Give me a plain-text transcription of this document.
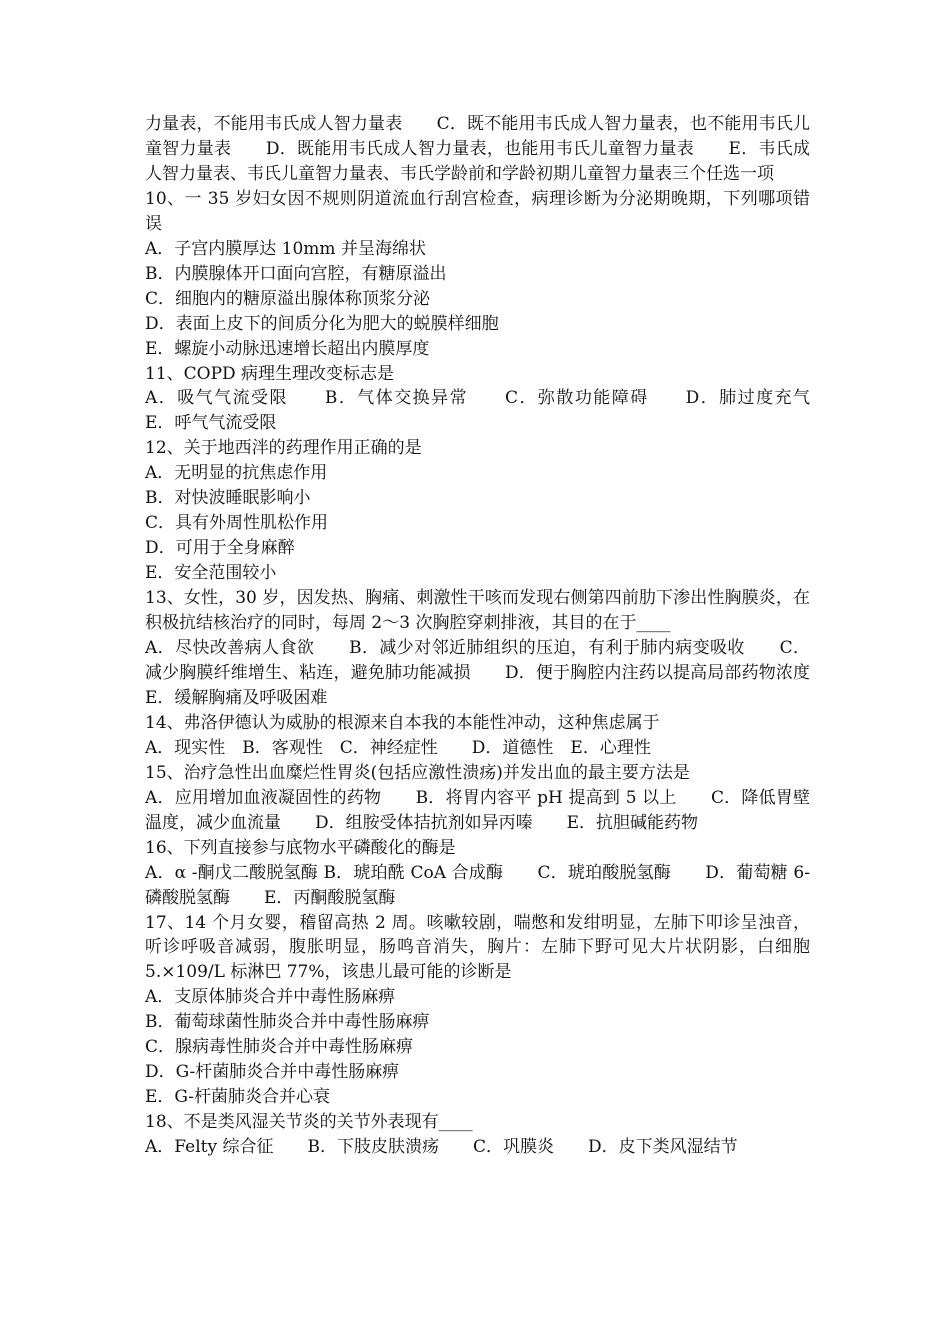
力量表，不能用韦氏成人智力量表　　C．既不能用韦氏成人智力量表，也不能用韦氏儿童智力量表　　D．既能用韦氏成人智力量表，也能用韦氏儿童智力量表　　E．韦氏成人智力量表、韦氏儿童智力量表、韦氏学龄前和学龄初期儿童智力量表三个任选一项

10、一 35 岁妇女因不规则阴道流血行刮宫检查，病理诊断为分泌期晚期，下列哪项错误

A．子宫内膜厚达 10mm 并呈海绵状

B．内膜腺体开口面向宫腔，有糖原溢出

C．细胞内的糖原溢出腺体称顶浆分泌

D．表面上皮下的间质分化为肥大的蜕膜样细胞

E．螺旋小动脉迅速增长超出内膜厚度

11、COPD 病理生理改变标志是

A．吸气气流受限　　B．气体交换异常　　C．弥散功能障碍　　D．肺过度充气　　E．呼气气流受限

12、关于地西泮的药理作用正确的是

A．无明显的抗焦虑作用

B．对快波睡眠影响小

C．具有外周性肌松作用

D．可用于全身麻醉

E．安全范围较小

13、女性，30 岁，因发热、胸痛、刺激性干咳而发现右侧第四前肋下渗出性胸膜炎，在积极抗结核治疗的同时，每周 2～3 次胸腔穿刺排液，其目的在于____

A．尽快改善病人食欲　　B．减少对邻近肺组织的压迫，有利于肺内病变吸收　　C．减少胸膜纤维增生、粘连，避免肺功能减损　　D．便于胸腔内注药以提高局部药物浓度　　E．缓解胸痛及呼吸困难

14、弗洛伊德认为威胁的根源来自本我的本能性冲动，这种焦虑属于

A．现实性　B．客观性　C．神经症性　　D．道德性　E．心理性

15、治疗急性出血糜烂性胃炎(包括应激性溃疡)并发出血的最主要方法是

A．应用增加血液凝固性的药物　　B．将胃内容平 pH 提高到 5 以上　　C．降低胃壁温度，减少血流量　　D．组胺受体拮抗剂如异丙嗪　　E．抗胆碱能药物

16、下列直接参与底物水平磷酸化的酶是

A．α -酮戊二酸脱氢酶 B．琥珀酰 CoA 合成酶　　C．琥珀酸脱氢酶　　D．葡萄糖 6-磷酸脱氢酶　　E．丙酮酸脱氢酶

17、14 个月女婴，稽留高热 2 周。咳嗽较剧，喘憋和发绀明显，左肺下叩诊呈浊音，听诊呼吸音减弱，腹胀明显，肠鸣音消失，胸片：左肺下野可见大片状阴影，白细胞 5.×109/L 标淋巴 77%，该患儿最可能的诊断是

A．支原体肺炎合并中毒性肠麻痹

B．葡萄球菌性肺炎合并中毒性肠麻痹

C．腺病毒性肺炎合并中毒性肠麻痹

D．G-杆菌肺炎合并中毒性肠麻痹

E．G-杆菌肺炎合并心衰

18、不是类风湿关节炎的关节外表现有____

A．Felty 综合征　　B．下肢皮肤溃疡　　C．巩膜炎　　D．皮下类风湿结节
